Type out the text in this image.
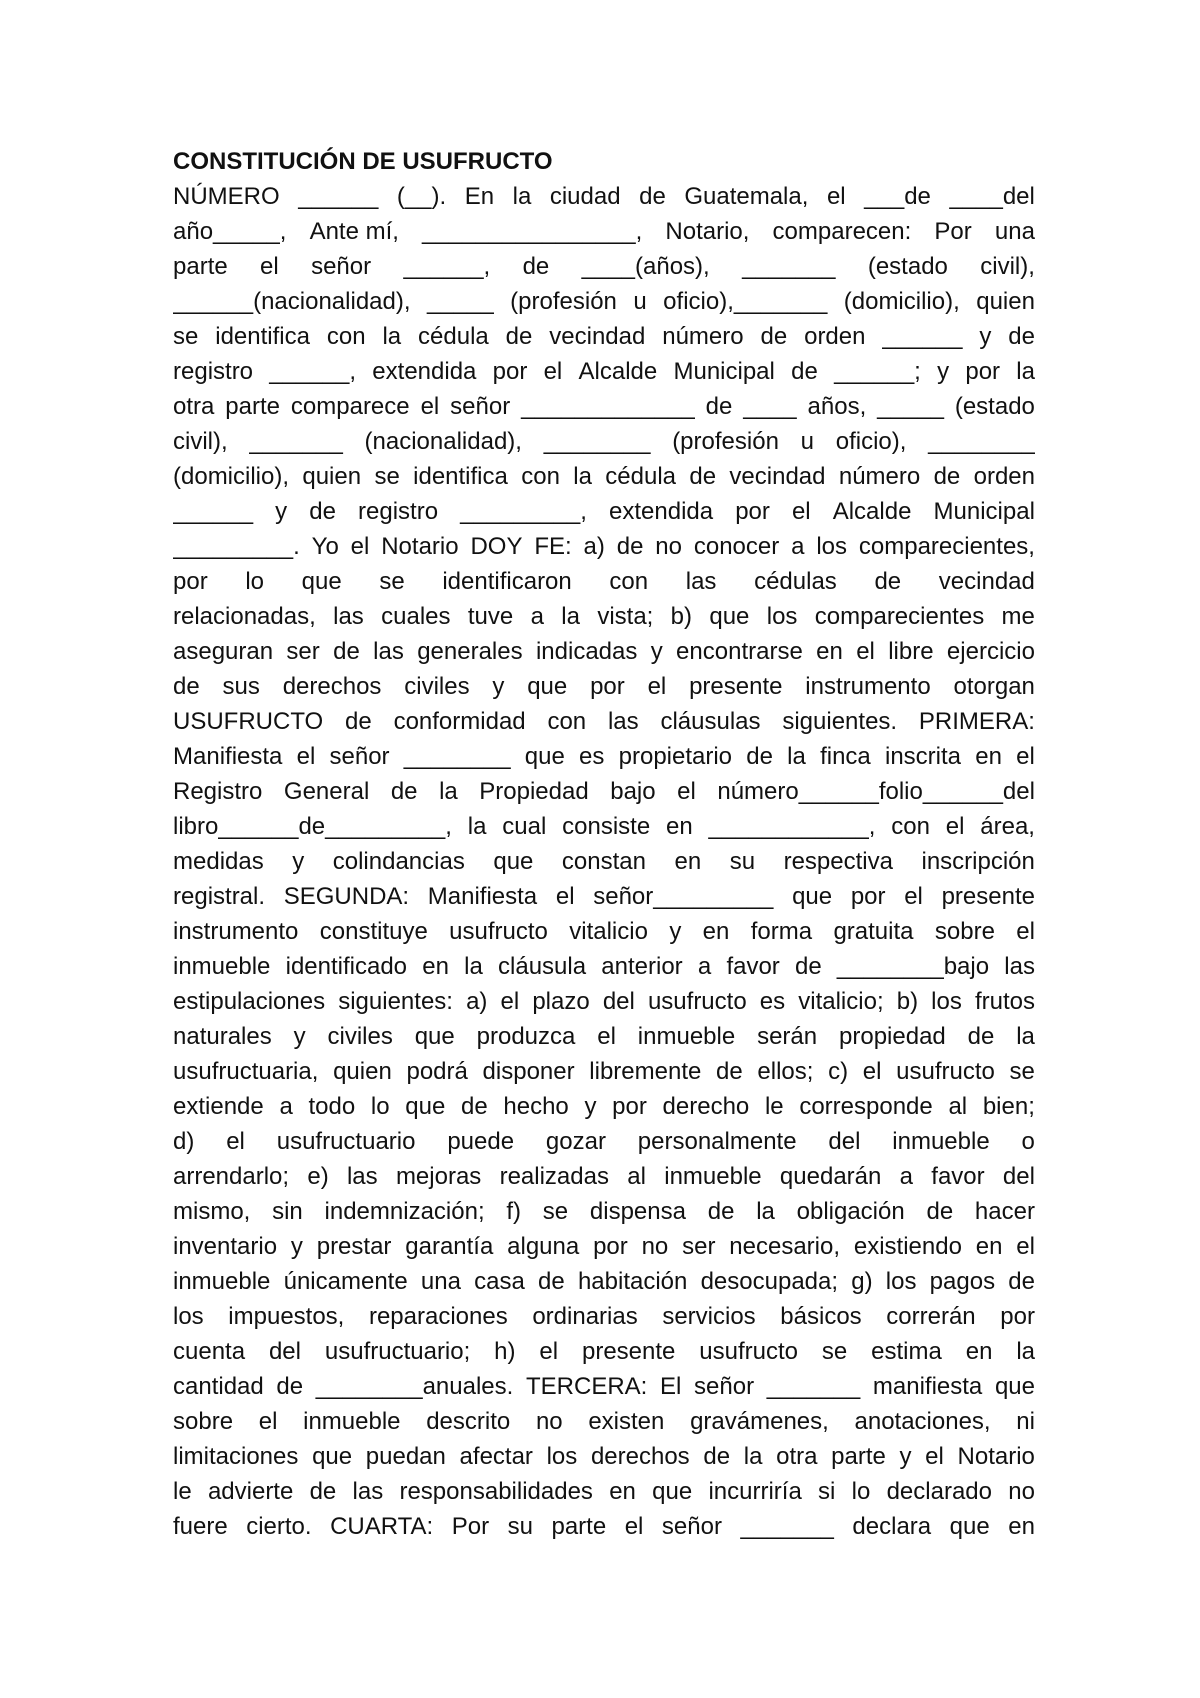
CONSTITUCIÓN DE USUFRUCTO
NÚMERO ______ (__). En la ciudad de Guatemala, el ___de ____del
año_____, Ante mí, ________________, Notario, comparecen: Por una
parte el señor ______, de ____(años), _______ (estado civil),
______(nacionalidad), _____ (profesión u oficio),_______ (domicilio), quien
se identifica con la cédula de vecindad número de orden ______ y de
registro ______, extendida por el Alcalde Municipal de ______; y por la
otra parte comparece el señor _____________ de ____ años, _____ (estado
civil), _______ (nacionalidad), ________ (profesión u oficio), ________
(domicilio), quien se identifica con la cédula de vecindad número de orden
______ y de registro _________, extendida por el Alcalde Municipal
_________. Yo el Notario DOY FE: a) de no conocer a los comparecientes,
por lo que se identificaron con las cédulas de vecindad
relacionadas, las cuales tuve a la vista; b) que los comparecientes me
aseguran ser de las generales indicadas y encontrarse en el libre ejercicio
de sus derechos civiles y que por el presente instrumento otorgan
USUFRUCTO de conformidad con las cláusulas siguientes. PRIMERA:
Manifiesta el señor ________ que es propietario de la finca inscrita en el
Registro General de la Propiedad bajo el número______folio______del
libro______de_________, la cual consiste en ____________, con el área,
medidas y colindancias que constan en su respectiva inscripción
registral. SEGUNDA: Manifiesta el señor_________ que por el presente
instrumento constituye usufructo vitalicio y en forma gratuita sobre el
inmueble identificado en la cláusula anterior a favor de ________bajo las
estipulaciones siguientes: a) el plazo del usufructo es vitalicio; b) los frutos
naturales y civiles que produzca el inmueble serán propiedad de la
usufructuaria, quien podrá disponer libremente de ellos; c) el usufructo se
extiende a todo lo que de hecho y por derecho le corresponde al bien;
d) el usufructuario puede gozar personalmente del inmueble o
arrendarlo; e) las mejoras realizadas al inmueble quedarán a favor del
mismo, sin indemnización; f) se dispensa de la obligación de hacer
inventario y prestar garantía alguna por no ser necesario, existiendo en el
inmueble únicamente una casa de habitación desocupada; g) los pagos de
los impuestos, reparaciones ordinarias servicios básicos correrán por
cuenta del usufructuario; h) el presente usufructo se estima en la
cantidad de ________anuales. TERCERA: El señor _______ manifiesta que
sobre el inmueble descrito no existen gravámenes, anotaciones, ni
limitaciones que puedan afectar los derechos de la otra parte y el Notario
le advierte de las responsabilidades en que incurriría si lo declarado no
fuere cierto. CUARTA: Por su parte el señor _______ declara que en
